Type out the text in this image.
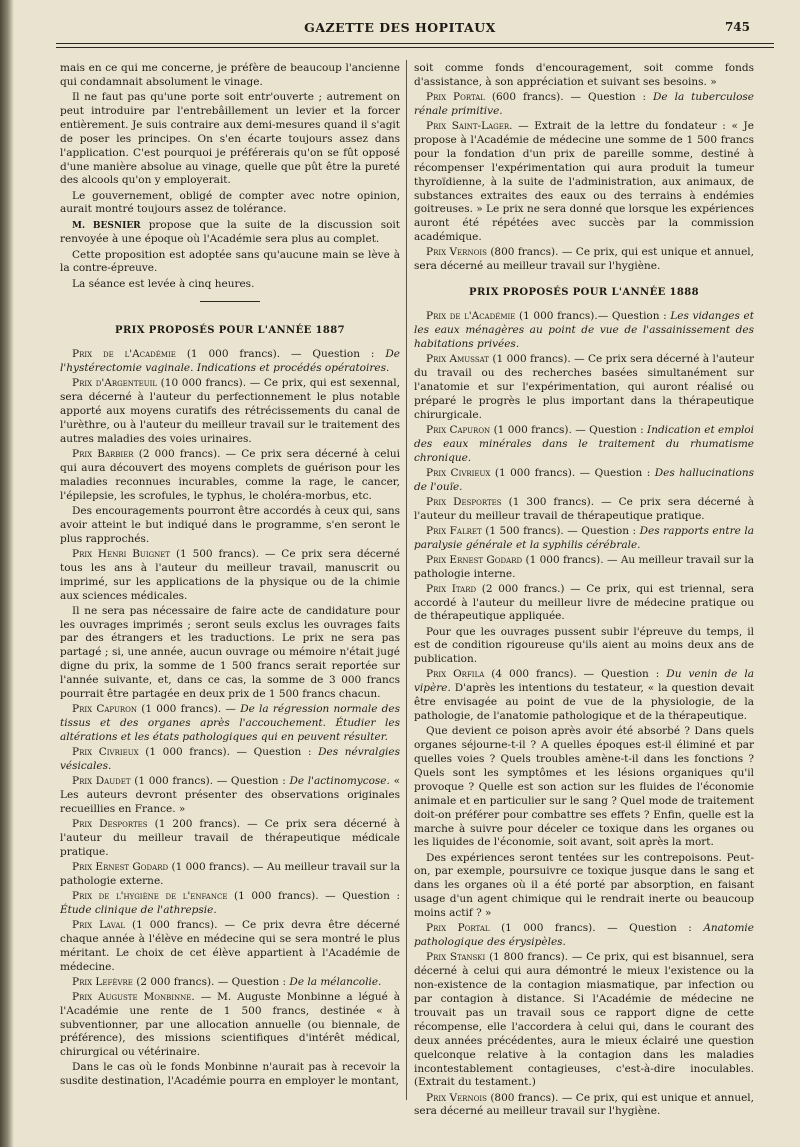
GAZETTE DES HOPITAUX	745

mais en ce qui me concerne, je préfère de beaucoup l'ancienne qui condamnait absolument le vinage.

Il ne faut pas qu'une porte soit entr'ouverte ; autrement on peut introduire par l'entrebâillement un levier et la forcer entièrement. Je suis contraire aux demi-mesures quand il s'agit de poser les principes. On s'en écarte toujours assez dans l'application. C'est pourquoi je préférerais qu'on se fût opposé d'une manière absolue au vinage, quelle que pût être la pureté des alcools qu'on y employerait.

Le gouvernement, obligé de compter avec notre opinion, aurait montré toujours assez de tolérance.

M. BESNIER propose que la suite de la discussion soit renvoyée à une époque où l'Académie sera plus au complet.

Cette proposition est adoptée sans qu'aucune main se lève à la contre-épreuve.

La séance est levée à cinq heures.

PRIX PROPOSÉS POUR L'ANNÉE 1887

Prix de l'Académie (1 000 francs). — Question : De l'hystérectomie vaginale. Indications et procédés opératoires.

Prix d'Argenteuil (10 000 francs). — Ce prix, qui est sexennal, sera décerné à l'auteur du perfectionnement le plus notable apporté aux moyens curatifs des rétrécissements du canal de l'urèthre, ou à l'auteur du meilleur travail sur le traitement des autres maladies des voies urinaires.

Prix Barbier (2 000 francs). — Ce prix sera décerné à celui qui aura découvert des moyens complets de guérison pour les maladies reconnues incurables, comme la rage, le cancer, l'épilepsie, les scrofules, le typhus, le choléra-morbus, etc.

Des encouragements pourront être accordés à ceux qui, sans avoir atteint le but indiqué dans le programme, s'en seront le plus rapprochés.

Prix Henri Buignet (1 500 francs). — Ce prix sera décerné tous les ans à l'auteur du meilleur travail, manuscrit ou imprimé, sur les applications de la physique ou de la chimie aux sciences médicales.

Il ne sera pas nécessaire de faire acte de candidature pour les ouvrages imprimés ; seront seuls exclus les ouvrages faits par des étrangers et les traductions. Le prix ne sera pas partagé ; si, une année, aucun ouvrage ou mémoire n'était jugé digne du prix, la somme de 1 500 francs serait reportée sur l'année suivante, et, dans ce cas, la somme de 3 000 francs pourrait être partagée en deux prix de 1 500 francs chacun.

Prix Capuron (1 000 francs). — De la régression normale des tissus et des organes après l'accouchement. Étudier les altérations et les états pathologiques qui en peuvent résulter.

Prix Civrieux (1 000 francs). — Question : Des névralgies vésicales.

Prix Daudet (1 000 francs). — Question : De l'actinomycose. « Les auteurs devront présenter des observations originales recueillies en France. »

Prix Desportes (1 200 francs). — Ce prix sera décerné à l'auteur du meilleur travail de thérapeutique médicale pratique.

Prix Ernest Godard (1 000 francs). — Au meilleur travail sur la pathologie externe.

Prix de l'hygiène de l'enfance (1 000 francs). — Question : Étude clinique de l'athrepsie.

Prix Laval (1 000 francs). — Ce prix devra être décerné chaque année à l'élève en médecine qui se sera montré le plus méritant. Le choix de cet élève appartient à l'Académie de médecine.

Prix Lefèvre (2 000 francs). — Question : De la mélancolie.

Prix Auguste Monbinne. — M. Auguste Monbinne a légué à l'Académie une rente de 1 500 francs, destinée « à subventionner, par une allocation annuelle (ou biennale, de préférence), des missions scientifiques d'intérêt médical, chirurgical ou vétérinaire.

Dans le cas où le fonds Monbinne n'aurait pas à recevoir la susdite destination, l'Académie pourra en employer le montant,

soit comme fonds d'encouragement, soit comme fonds d'assistance, à son appréciation et suivant ses besoins. »

Prix Portal (600 francs). — Question : De la tuberculose rénale primitive.

Prix Saint-Lager. — Extrait de la lettre du fondateur : « Je propose à l'Académie de médecine une somme de 1 500 francs pour la fondation d'un prix de pareille somme, destiné à récompenser l'expérimentation qui aura produit la tumeur thyroïdienne, à la suite de l'administration, aux animaux, de substances extraites des eaux ou des terrains à endémies goitreuses. » Le prix ne sera donné que lorsque les expériences auront été répétées avec succès par la commission académique.

Prix Vernois (800 francs). — Ce prix, qui est unique et annuel, sera décerné au meilleur travail sur l'hygiène.

PRIX PROPOSÉS POUR L'ANNÉE 1888

Prix de l'Académie (1 000 francs).— Question : Les vidanges et les eaux ménagères au point de vue de l'assainissement des habitations privées.

Prix Amussat (1 000 francs). — Ce prix sera décerné à l'auteur du travail ou des recherches basées simultanément sur l'anatomie et sur l'expérimentation, qui auront réalisé ou préparé le progrès le plus important dans la thérapeutique chirurgicale.

Prix Capuron (1 000 francs). — Question : Indication et emploi des eaux minérales dans le traitement du rhumatisme chronique.

Prix Civrieux (1 000 francs). — Question : Des hallucinations de l'ouïe.

Prix Desportes (1 300 francs). — Ce prix sera décerné à l'auteur du meilleur travail de thérapeutique pratique.

Prix Falret (1 500 francs). — Question : Des rapports entre la paralysie générale et la syphilis cérébrale.

Prix Ernest Godard (1 000 francs). — Au meilleur travail sur la pathologie interne.

Prix Itard (2 000 francs.) — Ce prix, qui est triennal, sera accordé à l'auteur du meilleur livre de médecine pratique ou de thérapeutique appliquée.

Pour que les ouvrages pussent subir l'épreuve du temps, il est de condition rigoureuse qu'ils aient au moins deux ans de publication.

Prix Orfila (4 000 francs). — Question : Du venin de la vipère. D'après les intentions du testateur, « la question devait être envisagée au point de vue de la physiologie, de la pathologie, de l'anatomie pathologique et de la thérapeutique.

Que devient ce poison après avoir été absorbé ? Dans quels organes séjourne-t-il ? A quelles époques est-il éliminé et par quelles voies ? Quels troubles amène-t-il dans les fonctions ? Quels sont les symptômes et les lésions organiques qu'il provoque ? Quelle est son action sur les fluides de l'économie animale et en particulier sur le sang ? Quel mode de traitement doit-on préférer pour combattre ses effets ? Enfin, quelle est la marche à suivre pour déceler ce toxique dans les organes ou les liquides de l'économie, soit avant, soit après la mort.

Des expériences seront tentées sur les contrepoisons. Peut-on, par exemple, poursuivre ce toxique jusque dans le sang et dans les organes où il a été porté par absorption, en faisant usage d'un agent chimique qui le rendrait inerte ou beaucoup moins actif ? »

Prix Portal (1 000 francs). — Question : Anatomie pathologique des érysipèles.

Prix Stanski (1 800 francs). — Ce prix, qui est bisannuel, sera décerné à celui qui aura démontré le mieux l'existence ou la non-existence de la contagion miasmatique, par infection ou par contagion à distance. Si l'Académie de médecine ne trouvait pas un travail sous ce rapport digne de cette récompense, elle l'accordera à celui qui, dans le courant des deux années précédentes, aura le mieux éclairé une question quelconque relative à la contagion dans les maladies incontestablement contagieuses, c'est-à-dire inoculables. (Extrait du testament.)

Prix Vernois (800 francs). — Ce prix, qui est unique et annuel, sera décerné au meilleur travail sur l'hygiène.
